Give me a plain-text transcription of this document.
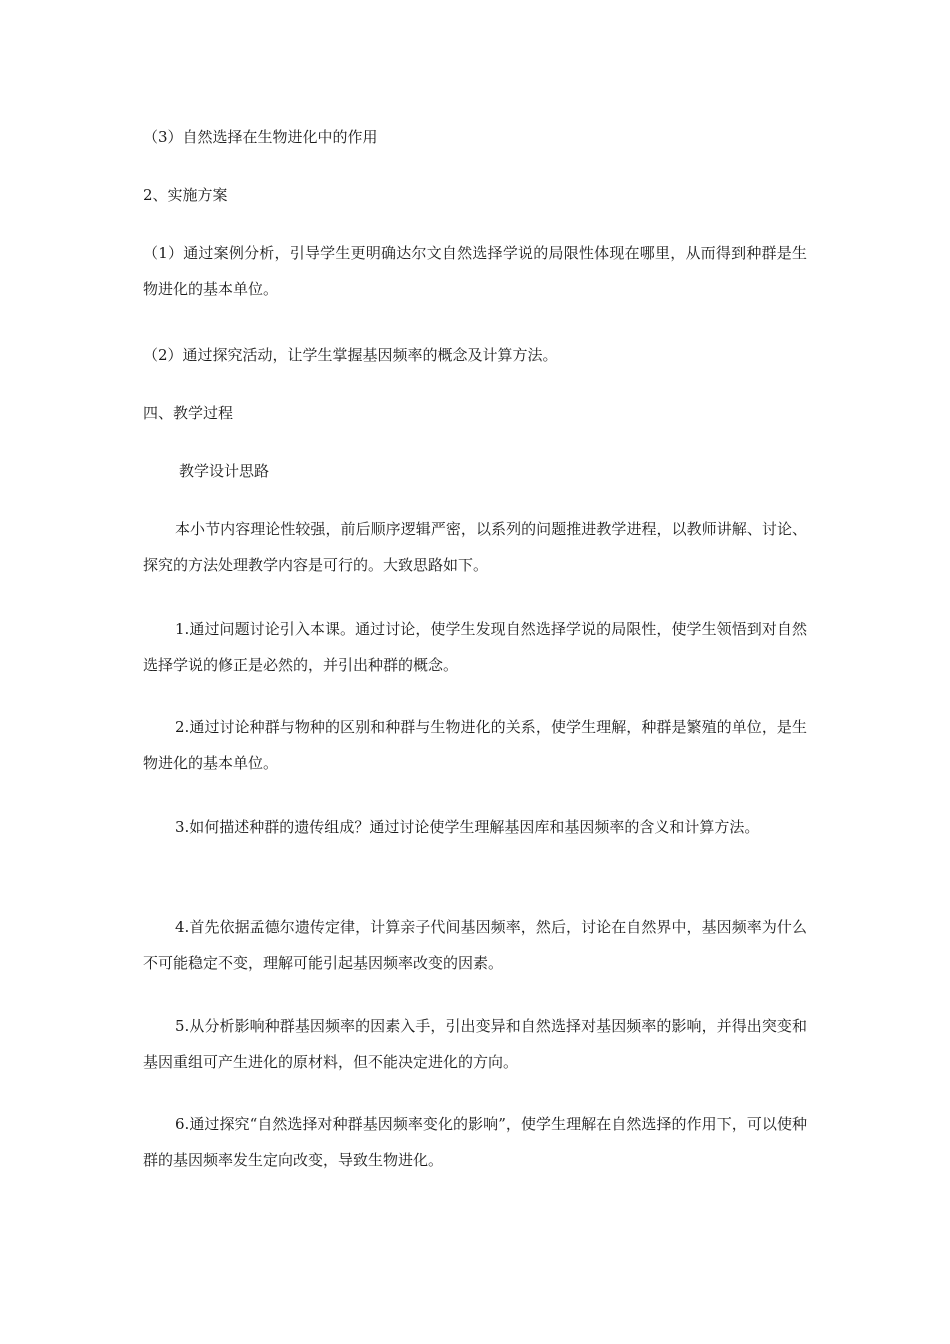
（3）自然选择在生物进化中的作用

2、实施方案

（1）通过案例分析，引导学生更明确达尔文自然选择学说的局限性体现在哪里，从而得到种群是生物进化的基本单位。

（2）通过探究活动，让学生掌握基因频率的概念及计算方法。

四、教学过程

教学设计思路

本小节内容理论性较强，前后顺序逻辑严密，以系列的问题推进教学进程，以教师讲解、讨论、探究的方法处理教学内容是可行的。大致思路如下。

1.通过问题讨论引入本课。通过讨论，使学生发现自然选择学说的局限性，使学生领悟到对自然选择学说的修正是必然的，并引出种群的概念。

2.通过讨论种群与物种的区别和种群与生物进化的关系，使学生理解，种群是繁殖的单位，是生物进化的基本单位。

3.如何描述种群的遗传组成？通过讨论使学生理解基因库和基因频率的含义和计算方法。

4.首先依据孟德尔遗传定律，计算亲子代间基因频率，然后，讨论在自然界中，基因频率为什么不可能稳定不变，理解可能引起基因频率改变的因素。

5.从分析影响种群基因频率的因素入手，引出变异和自然选择对基因频率的影响，并得出突变和基因重组可产生进化的原材料，但不能决定进化的方向。

6.通过探究“自然选择对种群基因频率变化的影响”，使学生理解在自然选择的作用下，可以使种群的基因频率发生定向改变，导致生物进化。
